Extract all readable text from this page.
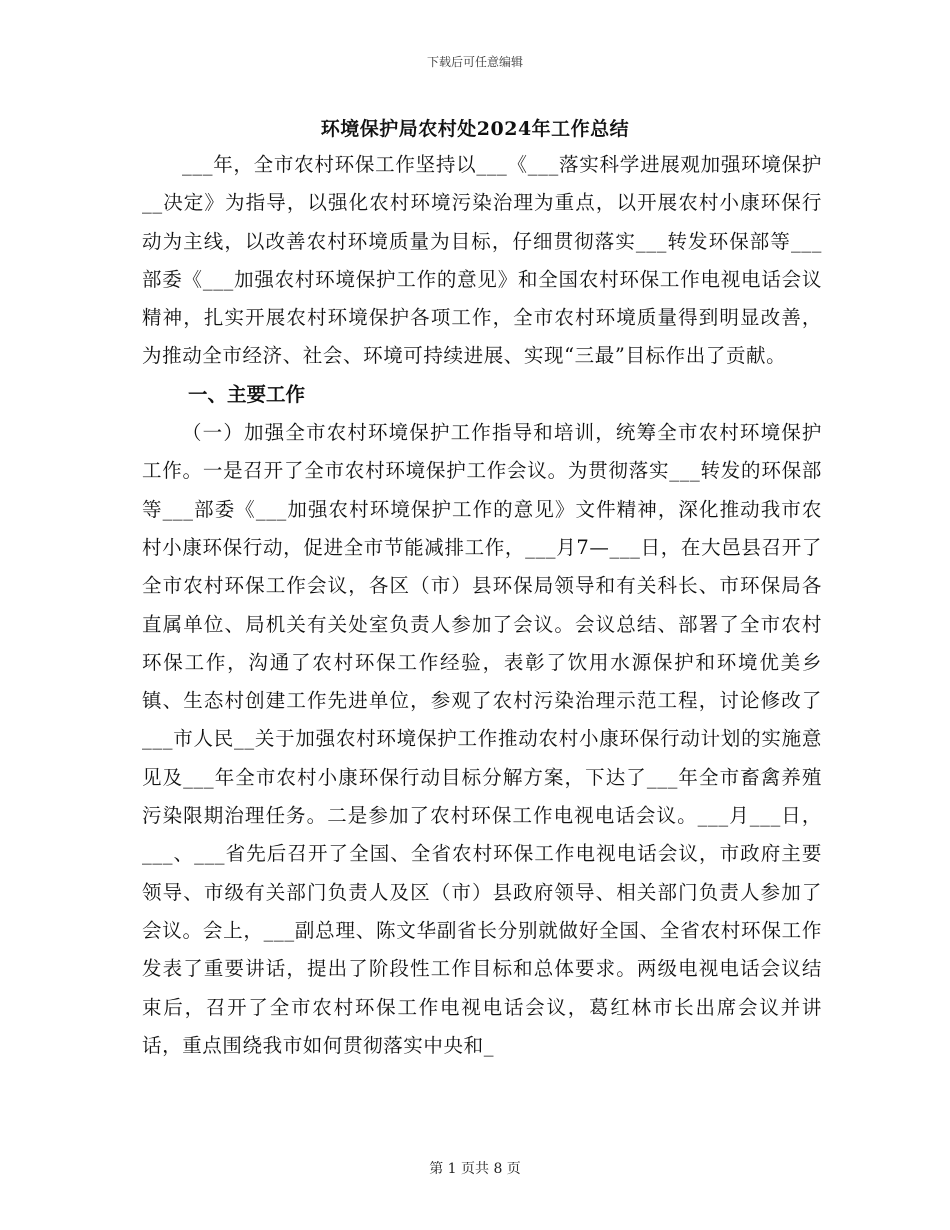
下载后可任意编辑
环境保护局农村处2024年工作总结

___年，全市农村环保工作坚持以___《___落实科学进展观加强环境保护__决定》为指导，以强化农村环境污染治理为重点，以开展农村小康环保行动为主线，以改善农村环境质量为目标，仔细贯彻落实___转发环保部等___部委《___加强农村环境保护工作的意见》和全国农村环保工作电视电话会议精神，扎实开展农村环境保护各项工作，全市农村环境质量得到明显改善，为推动全市经济、社会、环境可持续进展、实现“三最”目标作出了贡献。

一、主要工作

（一）加强全市农村环境保护工作指导和培训，统筹全市农村环境保护工作。一是召开了全市农村环境保护工作会议。为贯彻落实___转发的环保部等___部委《___加强农村环境保护工作的意见》文件精神，深化推动我市农村小康环保行动，促进全市节能减排工作，___月7—___日，在大邑县召开了全市农村环保工作会议，各区（市）县环保局领导和有关科长、市环保局各直属单位、局机关有关处室负责人参加了会议。会议总结、部署了全市农村环保工作，沟通了农村环保工作经验，表彰了饮用水源保护和环境优美乡镇、生态村创建工作先进单位，参观了农村污染治理示范工程，讨论修改了___市人民__关于加强农村环境保护工作推动农村小康环保行动计划的实施意见及___年全市农村小康环保行动目标分解方案，下达了___年全市畜禽养殖污染限期治理任务。二是参加了农村环保工作电视电话会议。___月___日，___、___省先后召开了全国、全省农村环保工作电视电话会议，市政府主要领导、市级有关部门负责人及区（市）县政府领导、相关部门负责人参加了会议。会上，___副总理、陈文华副省长分别就做好全国、全省农村环保工作发表了重要讲话，提出了阶段性工作目标和总体要求。两级电视电话会议结束后，召开了全市农村环保工作电视电话会议，葛红林市长出席会议并讲话，重点围绕我市如何贯彻落实中央和_

第 1 页共 8 页
